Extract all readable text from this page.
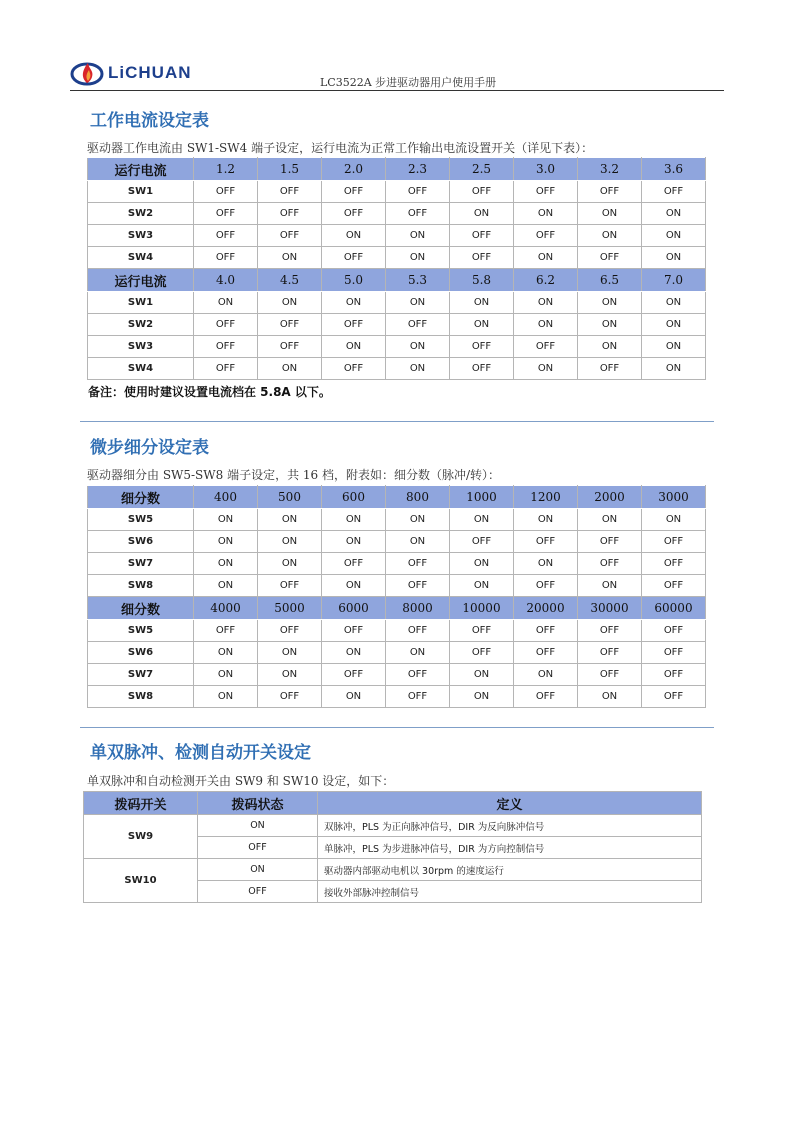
LiCHUAN
LC3522A 步进驱动器用户使用手册
工作电流设定表

驱动器工作电流由 SW1-SW4 端子设定，运行电流为正常工作输出电流设置开关（详见下表）：

运行电流	1.2	1.5	2.0	2.3	2.5	3.0	3.2	3.6
SW1	OFF	OFF	OFF	OFF	OFF	OFF	OFF	OFF
SW2	OFF	OFF	OFF	OFF	ON	ON	ON	ON
SW3	OFF	OFF	ON	ON	OFF	OFF	ON	ON
SW4	OFF	ON	OFF	ON	OFF	ON	OFF	ON
运行电流	4.0	4.5	5.0	5.3	5.8	6.2	6.5	7.0
SW1	ON	ON	ON	ON	ON	ON	ON	ON
SW2	OFF	OFF	OFF	OFF	ON	ON	ON	ON
SW3	OFF	OFF	ON	ON	OFF	OFF	ON	ON
SW4	OFF	ON	OFF	ON	OFF	ON	OFF	ON

备注：使用时建议设置电流档在 5.8A 以下。

微步细分设定表

驱动器细分由 SW5-SW8 端子设定，共 16 档，附表如：细分数（脉冲/转）：

细分数	400	500	600	800	1000	1200	2000	3000
SW5	ON	ON	ON	ON	ON	ON	ON	ON
SW6	ON	ON	ON	ON	OFF	OFF	OFF	OFF
SW7	ON	ON	OFF	OFF	ON	ON	OFF	OFF
SW8	ON	OFF	ON	OFF	ON	OFF	ON	OFF
细分数	4000	5000	6000	8000	10000	20000	30000	60000
SW5	OFF	OFF	OFF	OFF	OFF	OFF	OFF	OFF
SW6	ON	ON	ON	ON	OFF	OFF	OFF	OFF
SW7	ON	ON	OFF	OFF	ON	ON	OFF	OFF
SW8	ON	OFF	ON	OFF	ON	OFF	ON	OFF
单双脉冲、检测自动开关设定

单双脉冲和自动检测开关由 SW9 和 SW10 设定，如下：

拨码开关	拨码状态	定义
SW9	ON	双脉冲，PLS 为正向脉冲信号，DIR 为反向脉冲信号
	OFF	单脉冲，PLS 为步进脉冲信号，DIR 为方向控制信号
SW10	ON	驱动器内部驱动电机以 30rpm 的速度运行
	OFF	接收外部脉冲控制信号
